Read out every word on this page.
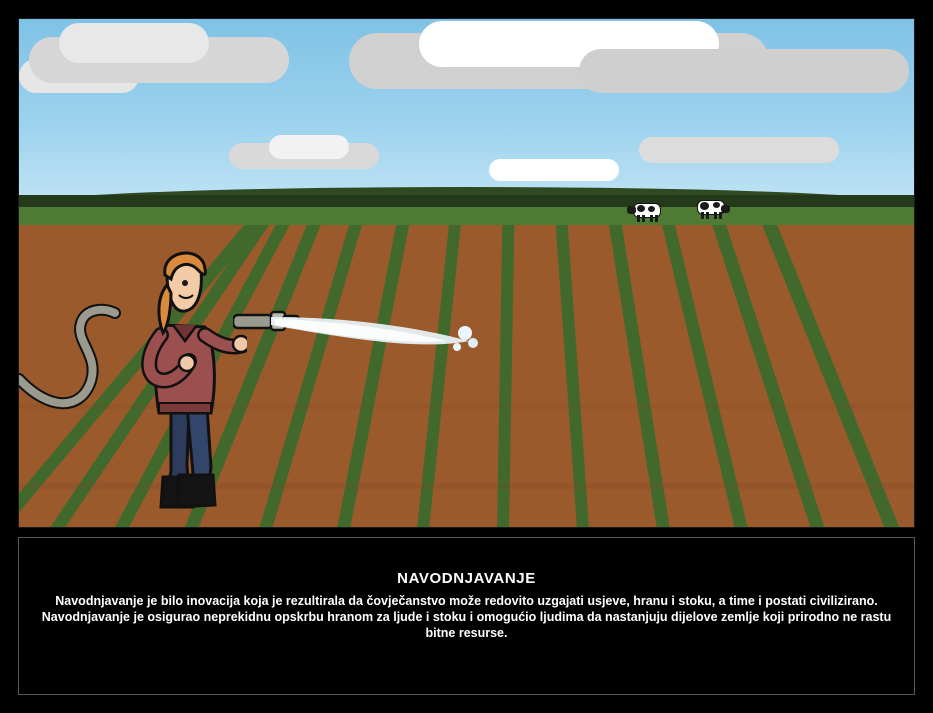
NAVODNJAVANJE
Navodnjavanje je bilo inovacija koja je rezultirala da čovječanstvo može redovito uzgajati usjeve, hranu i stoku, a time i postati civilizirano. Navodnjavanje je osigurao neprekidnu opskrbu hranom za ljude i stoku i omogućio ljudima da nastanjuju dijelove zemlje koji prirodno ne rastu bitne resurse.
